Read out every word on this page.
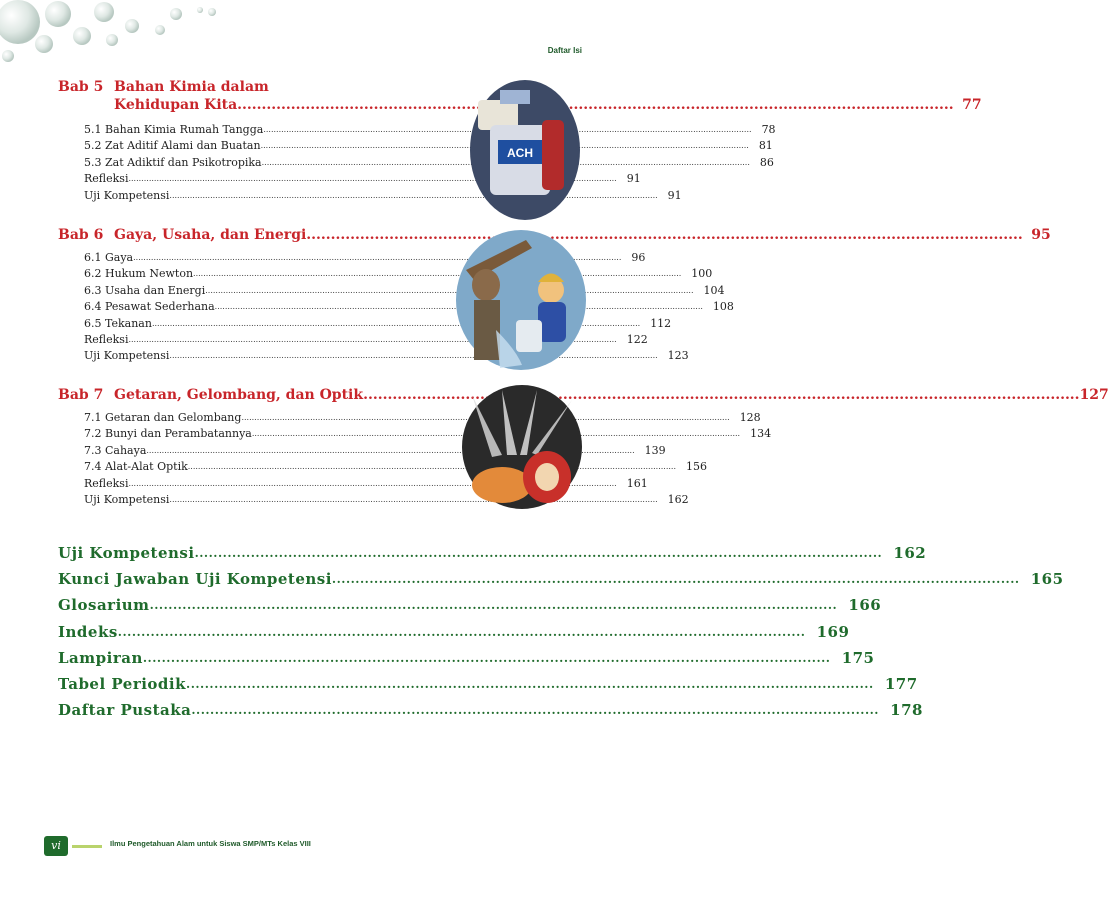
Daftar Isi
Bab 5 Bahan Kimia dalam
Kehidupan Kita .....	77
5.1 Bahan Kimia Rumah Tangga .....	78
5.2 Zat Aditif Alami dan Buatan .....	81
5.3 Zat Adiktif dan Psikotropika .....	86
Refleksi .....	91
Uji Kompetensi .....	91
Bab 6 Gaya, Usaha, dan Energi .....	95
6.1 Gaya .....	96
6.2 Hukum Newton .....	100
6.3 Usaha dan Energi .....	104
6.4 Pesawat Sederhana .....	108
6.5 Tekanan .....	112
Refleksi .....	122
Uji Kompetensi .....	123
Bab 7 Getaran, Gelombang, dan Optik .....	127
7.1 Getaran dan Gelombang .....	128
7.2 Bunyi dan Perambatannya .....	134
7.3 Cahaya .....	139
7.4 Alat-Alat Optik .....	156
Refleksi .....	161
Uji Kompetensi .....	162
ACH
Uji Kompetensi .....	162
Kunci Jawaban Uji Kompetensi .....	165
Glosarium .....	166
Indeks .....	169
Lampiran .....	175
Tabel Periodik .....	177
Daftar Pustaka .....	178
vi	Ilmu Pengetahuan Alam untuk Siswa SMP/MTs Kelas VIII
